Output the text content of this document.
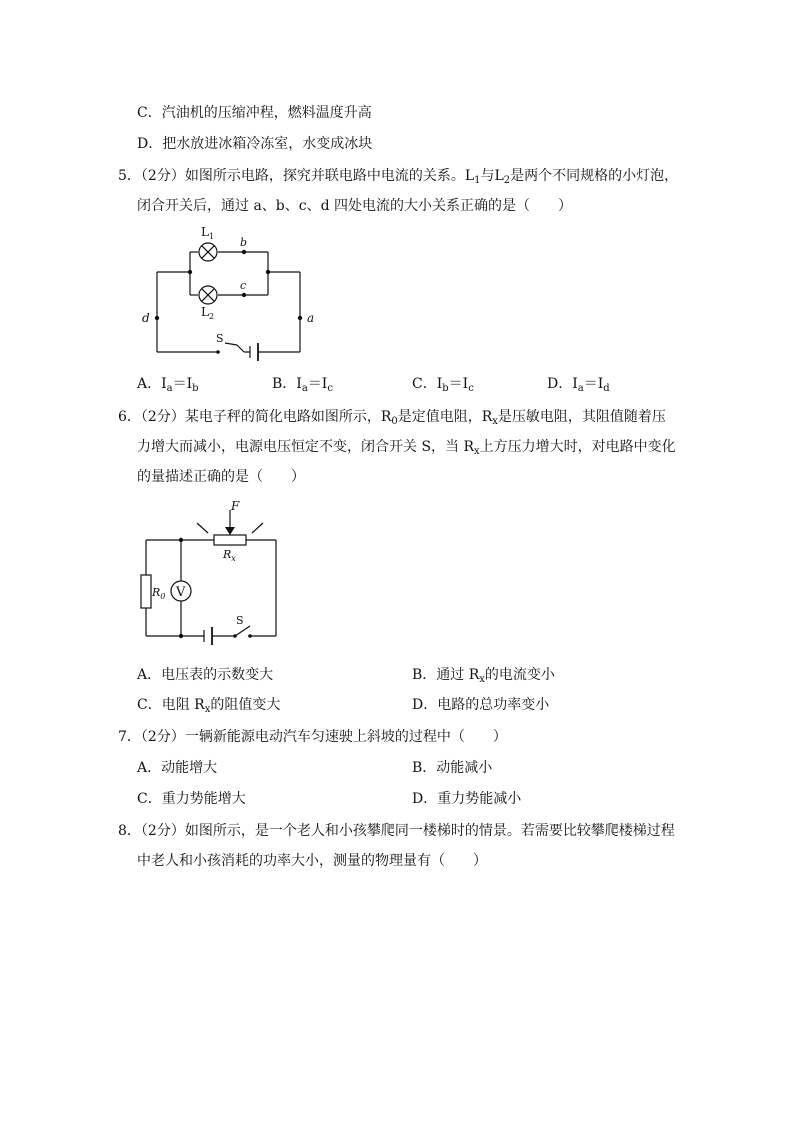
C．汽油机的压缩冲程，燃料温度升高
D．把水放进冰箱冷冻室，水变成冰块
5．（2分）如图所示电路，探究并联电路中电流的关系。$L_1$与$L_2$是两个不同规格的小灯泡，
闭合开关后，通过 a、b、c、d 四处电流的大小关系正确的是（　　）
$L_1$
$L_2$
b
c
d	a
S
A．$I_a=I_b$	B．$I_a=I_c$	C．$I_b=I_c$	D．$I_a=I_d$
6．（2分）某电子秤的简化电路如图所示，$R_0$是定值电阻，$R_x$是压敏电阻，其阻值随着压
力增大而减小，电源电压恒定不变，闭合开关 S，当 $R_x$上方压力增大时，对电路中变化
的量描述正确的是（　　）
F
$R_x$
$R_0$ V
S
A．电压表的示数变大	B．通过 $R_x$的电流变小
C．电阻 $R_x$的阻值变大	D．电路的总功率变小
7．（2分）一辆新能源电动汽车匀速驶上斜坡的过程中（　　）
A．动能增大	B．动能减小
C．重力势能增大	D．重力势能减小
8．（2分）如图所示，是一个老人和小孩攀爬同一楼梯时的情景。若需要比较攀爬楼梯过程
中老人和小孩消耗的功率大小，测量的物理量有（　　）
